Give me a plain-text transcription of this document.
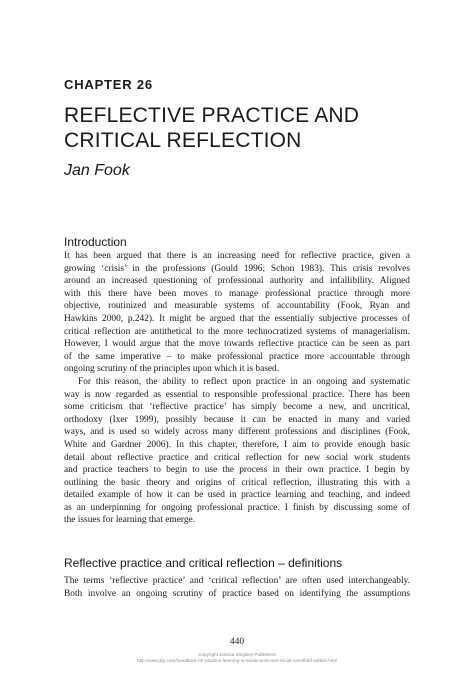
CHAPTER 26

REFLECTIVE PRACTICE AND
CRITICAL REFLECTION

Jan Fook

Introduction
It has been argued that there is an increasing need for reflective practice, given a
growing ‘crisis’ in the professions (Gould 1996; Schon 1983). This crisis revolves
around an increased questioning of professional authority and infallibility. Aligned
with this there have been moves to manage professional practice through more
objective, routinized and measurable systems of accountability (Fook, Ryan and
Hawkins 2000, p.242). It might be argued that the essentially subjective processes of
critical reflection are antithetical to the more technocratized systems of managerialism.
However, I would argue that the move towards reflective practice can be seen as part
of the same imperative – to make professional practice more accountable through
ongoing scrutiny of the principles upon which it is based.
For this reason, the ability to reflect upon practice in an ongoing and systematic
way is now regarded as essential to responsible professional practice. There has been
some criticism that ‘reflective practice’ has simply become a new, and uncritical,
orthodoxy (Ixer 1999), possibly because it can be enacted in many and varied
ways, and is used so widely across many different professions and disciplines (Fook,
White and Gardner 2006). In this chapter, therefore, I aim to provide enough basic
detail about reflective practice and critical reflection for new social work students
and practice teachers to begin to use the process in their own practice. I begin by
outlining the basic theory and origins of critical reflection, illustrating this with a
detailed example of how it can be used in practice learning and teaching, and indeed
as an underpinning for ongoing professional practice. I finish by discussing some of
the issues for learning that emerge.
Reflective practice and critical reflection – definitions
The terms ‘reflective practice’ and ‘critical reflection’ are often used interchangeably.
Both involve an ongoing scrutiny of practice based on identifying the assumptions

440

Copyright Jessica Kingsley Publishers

http://www.jkp.com/handbook-for-practice-learning-in-social-work-and-social-care/third-edition.html
